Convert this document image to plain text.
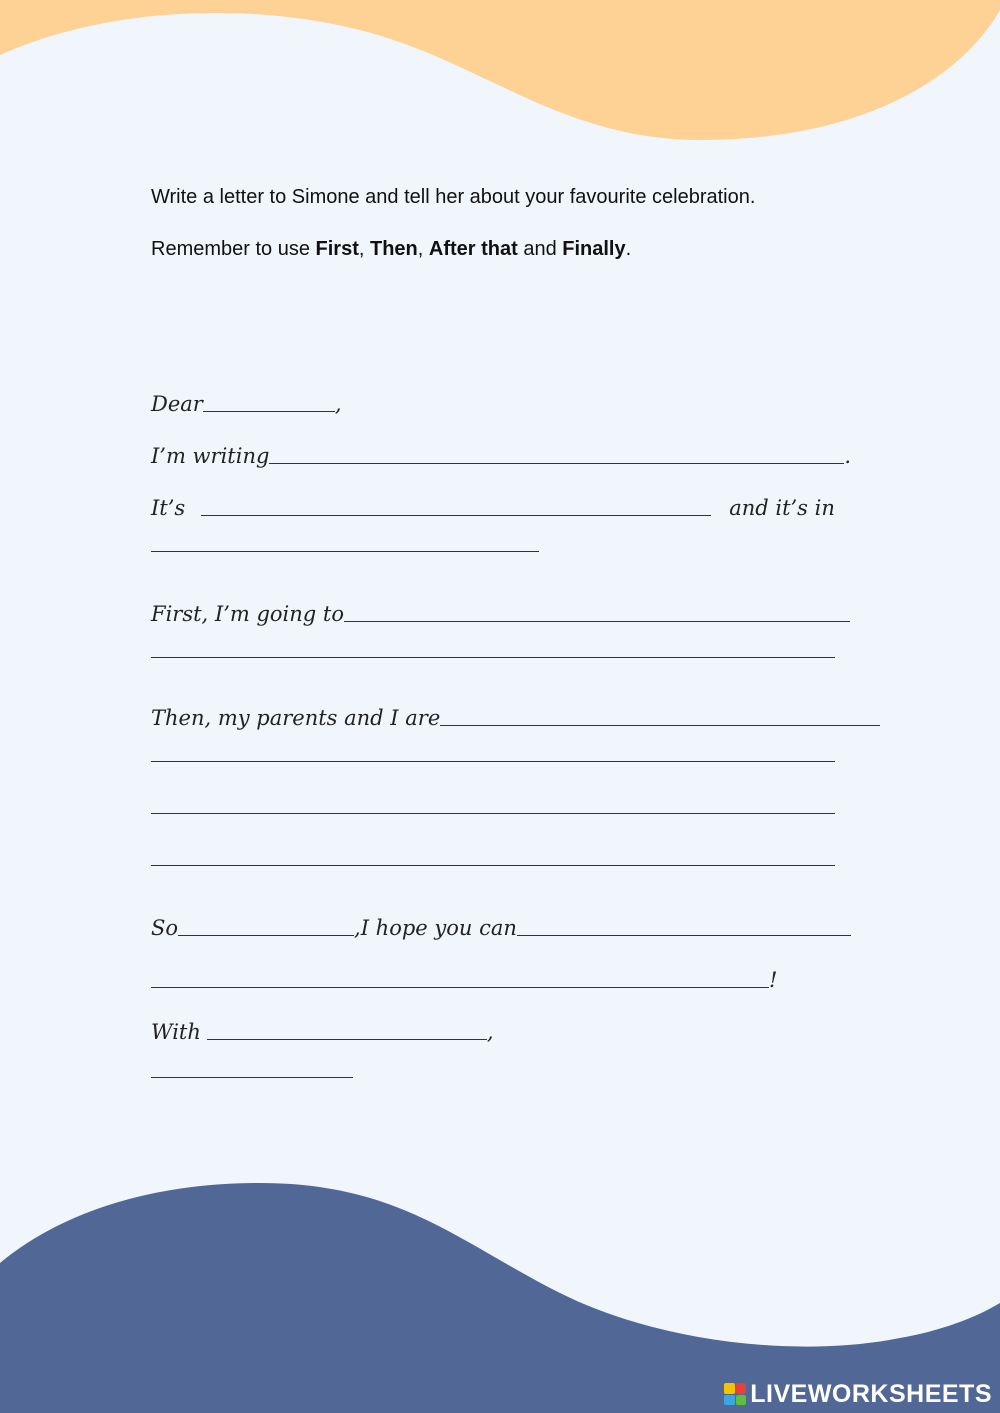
Write a letter to Simone and tell her about your favourite celebration.
Remember to use First, Then, After that and Finally.
Dear	,
I’m writing	.
It’s	and it’s in
First, I’m going to
Then, my parents and I are
So	,I hope you can
!
With	,
LIVEWORKSHEETS
